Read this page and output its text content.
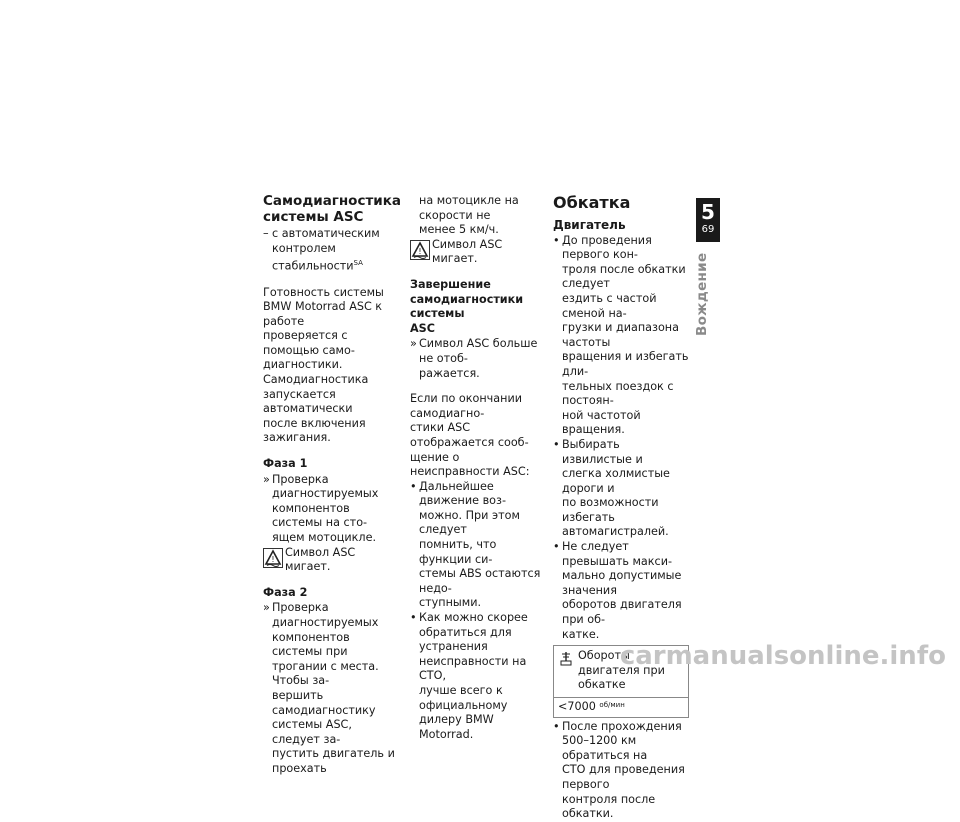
Самодиагностика
системы ASC
– с автоматическим контролем стабильности$^{SA}$

Готовность системы
BMW Motorrad ASC к работе
проверяется с помощью само-
диагностики. Самодиагностика
запускается автоматически
после включения зажигания.

Фаза 1
» Проверка диагностируемых
компонентов системы на сто-
ящем мотоцикле.
!
Символ ASC мигает.
Фаза 2
» Проверка диагностируемых
компонентов системы при
трогании с места. Чтобы за-
вершить самодиагностику
системы ASC, следует за-
пустить двигатель и проехать
на мотоцикле на скорости не
менее 5 км/ч.
!
Символ ASC мигает.
Завершение
самодиагностики системы
ASC
» Символ ASC больше не отоб-
ражается.

Если по окончании самодиагно-
стики ASC отображается сооб-
щение о неисправности ASC:

• Дальнейшее движение воз-
можно. При этом следует
помнить, что функции си-
стемы ABS остаются недо-
ступными.
• Как можно скорее
обратиться для устранения
неисправности на СТО,
лучше всего к официальному
дилеру BMW Motorrad.
Обкатка
Двигатель
• До проведения первого кон-
троля после обкатки следует
ездить с частой сменой на-
грузки и диапазона частоты
вращения и избегать дли-
тельных поездок с постоян-
ной частотой вращения.
• Выбирать извилистые и
слегка холмистые дороги и
по возможности избегать
автомагистралей.
• Не следует превышать макси-
мально допустимые значения
оборотов двигателя при об-
катке.
Обороты двигателя при
обкатке
<7000 $^{об/мин}$
• После прохождения
500–1200 км обратиться на
СТО для проведения первого
контроля после обкатки.
5
69
Вождение
carmanualsonline.info
